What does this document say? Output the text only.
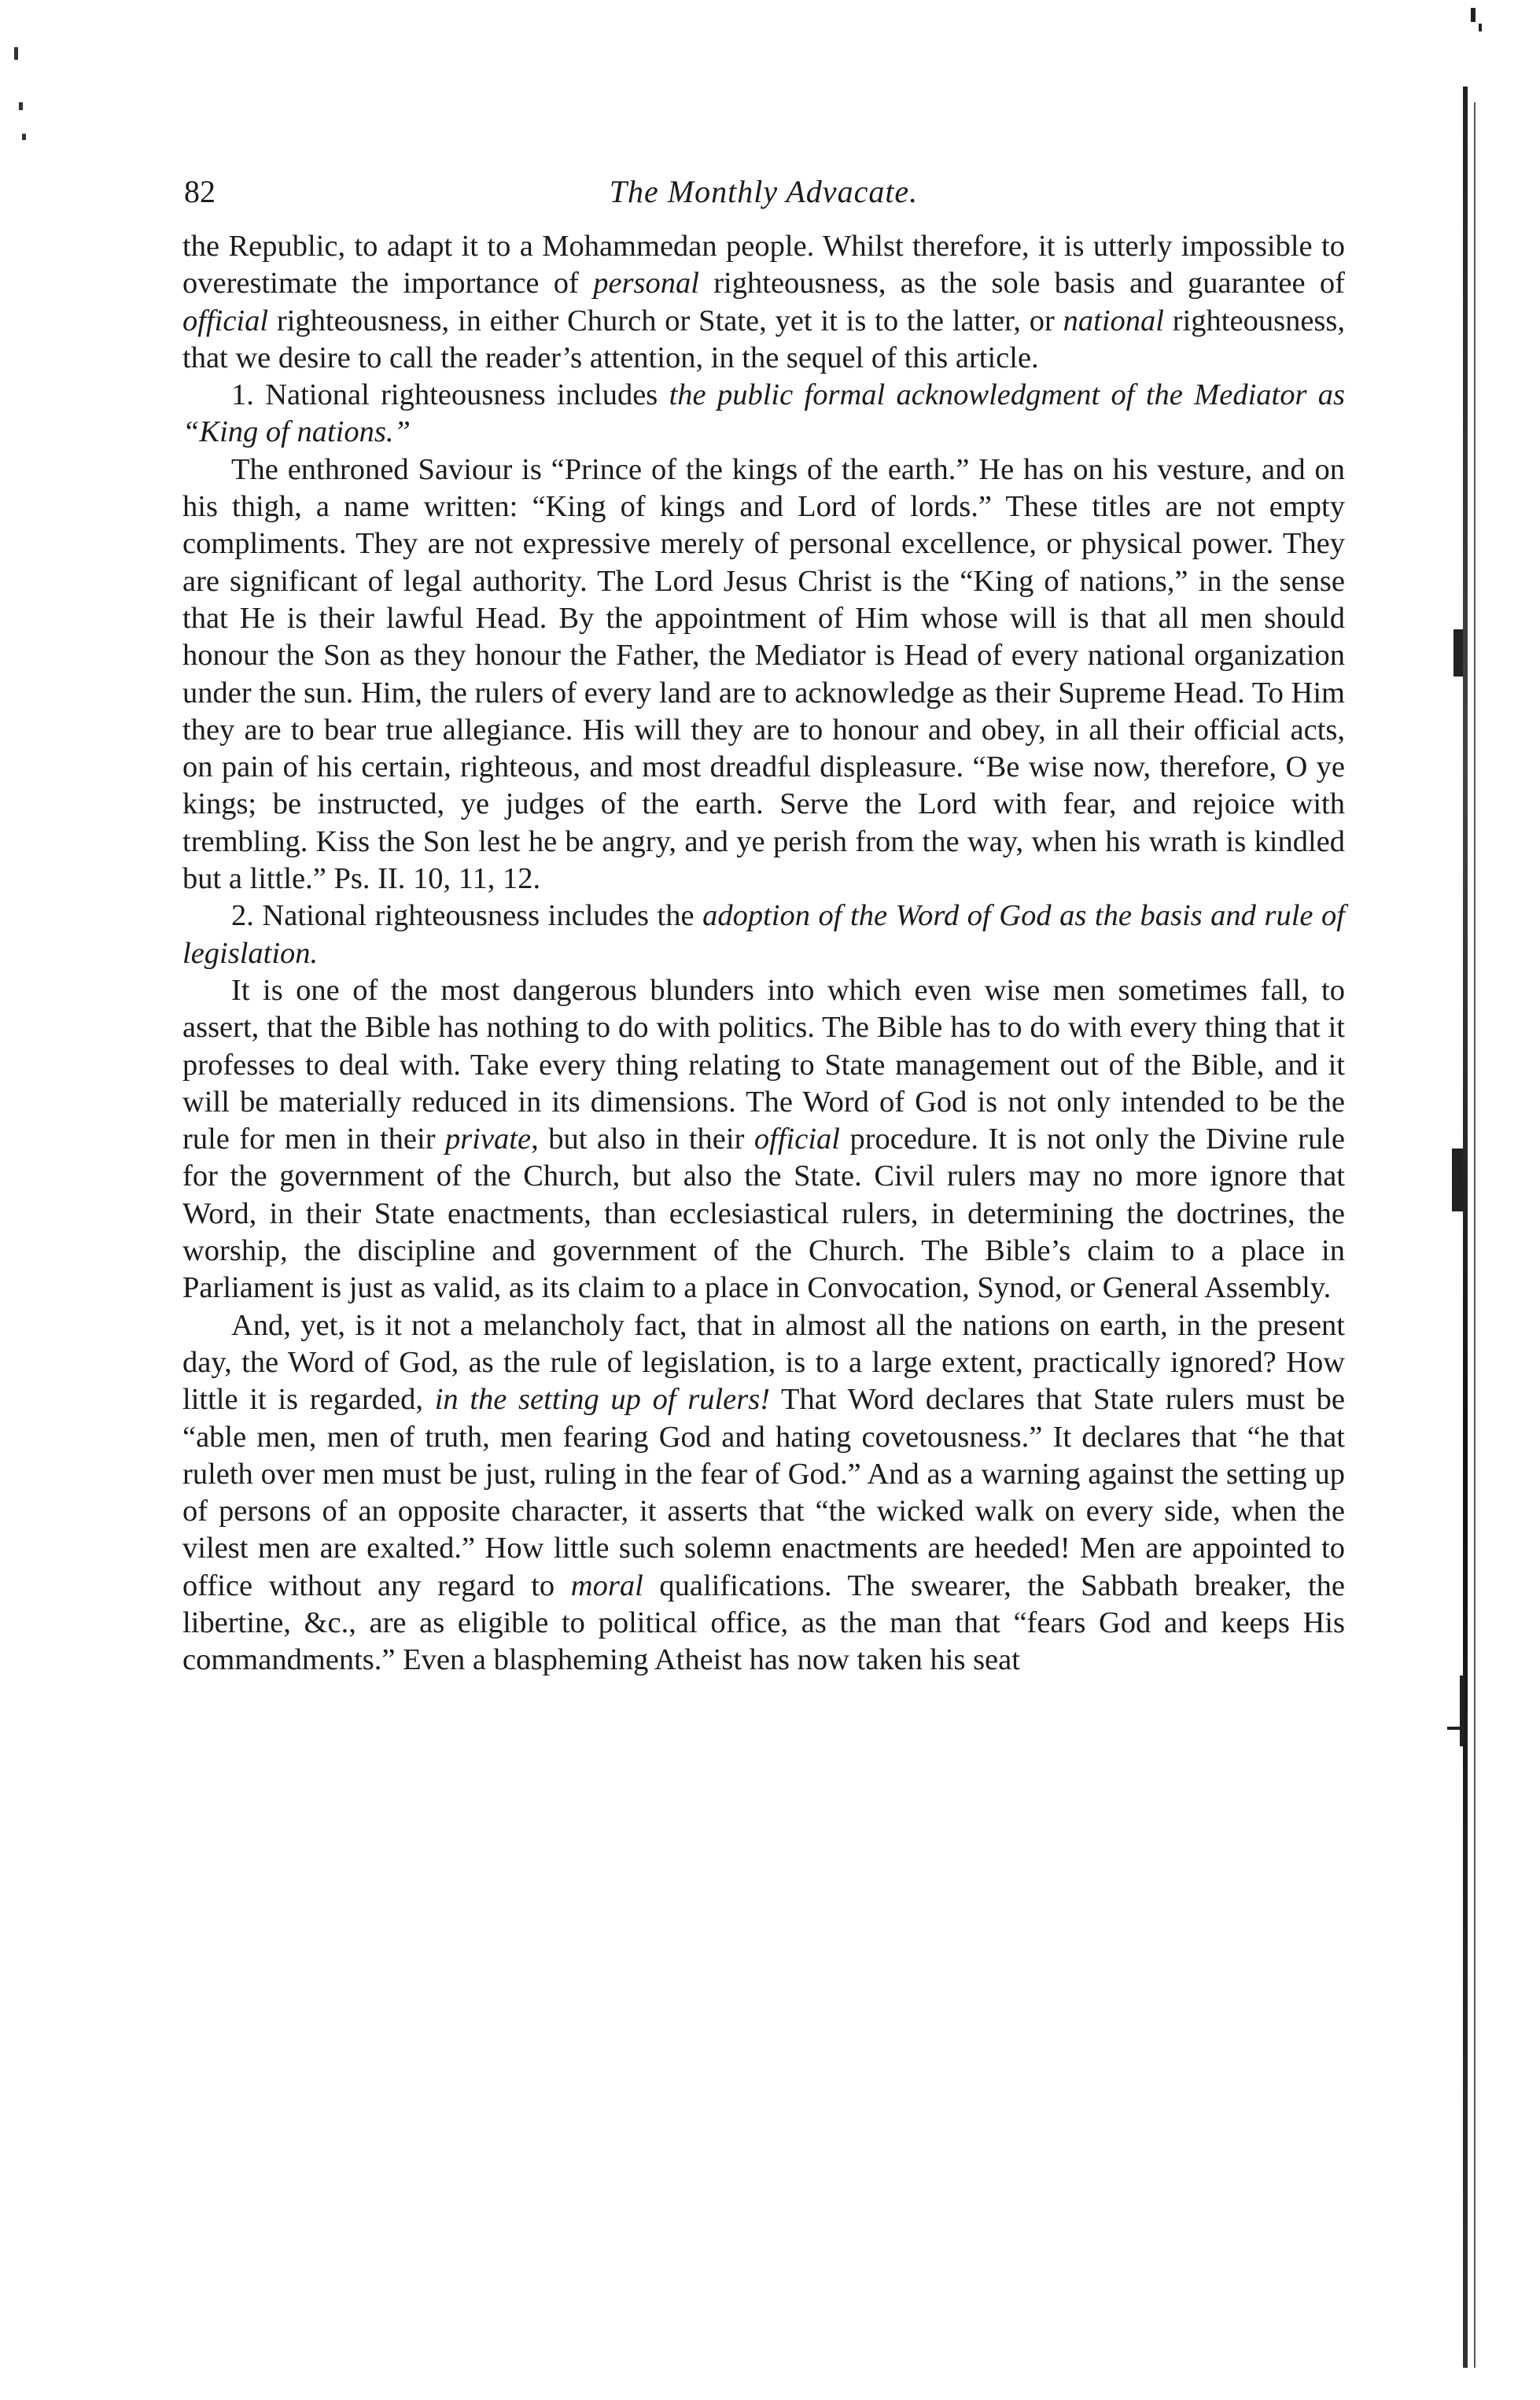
82	The Monthly Advacate.

the Republic, to adapt it to a Mohammedan people. Whilst therefore, it is utterly impossible to overestimate the importance of personal righteousness, as the sole basis and guarantee of official righteousness, in either Church or State, yet it is to the latter, or national righteousness, that we desire to call the reader’s attention, in the sequel of this article.

1. National righteousness includes the public formal acknowledgment of the Mediator as “King of nations.”

The enthroned Saviour is “Prince of the kings of the earth.” He has on his vesture, and on his thigh, a name written: “King of kings and Lord of lords.” These titles are not empty compliments. They are not expressive merely of personal excellence, or physical power. They are significant of legal authority. The Lord Jesus Christ is the “King of nations,” in the sense that He is their lawful Head. By the appointment of Him whose will is that all men should honour the Son as they honour the Father, the Mediator is Head of every national organization under the sun. Him, the rulers of every land are to acknowledge as their Supreme Head. To Him they are to bear true allegiance. His will they are to honour and obey, in all their official acts, on pain of his certain, righteous, and most dreadful displeasure. “Be wise now, therefore, O ye kings; be instructed, ye judges of the earth. Serve the Lord with fear, and rejoice with trembling. Kiss the Son lest he be angry, and ye perish from the way, when his wrath is kindled but a little.” Ps. II. 10, 11, 12.

2. National righteousness includes the adoption of the Word of God as the basis and rule of legislation.

It is one of the most dangerous blunders into which even wise men sometimes fall, to assert, that the Bible has nothing to do with politics. The Bible has to do with every thing that it professes to deal with. Take every thing relating to State management out of the Bible, and it will be materially reduced in its dimensions. The Word of God is not only intended to be the rule for men in their private, but also in their official procedure. It is not only the Divine rule for the government of the Church, but also the State. Civil rulers may no more ignore that Word, in their State enactments, than ecclesiastical rulers, in determining the doctrines, the worship, the discipline and government of the Church. The Bible’s claim to a place in Parliament is just as valid, as its claim to a place in Convocation, Synod, or General Assembly.

And, yet, is it not a melancholy fact, that in almost all the nations on earth, in the present day, the Word of God, as the rule of legislation, is to a large extent, practically ignored? How little it is regarded, in the setting up of rulers! That Word declares that State rulers must be “able men, men of truth, men fearing God and hating covetousness.” It declares that “he that ruleth over men must be just, ruling in the fear of God.” And as a warning against the setting up of persons of an opposite character, it asserts that “the wicked walk on every side, when the vilest men are exalted.” How little such solemn enactments are heeded! Men are appointed to office without any regard to moral qualifications. The swearer, the Sabbath breaker, the libertine, &c., are as eligible to political office, as the man that “fears God and keeps His commandments.” Even a blaspheming Atheist has now taken his seat
